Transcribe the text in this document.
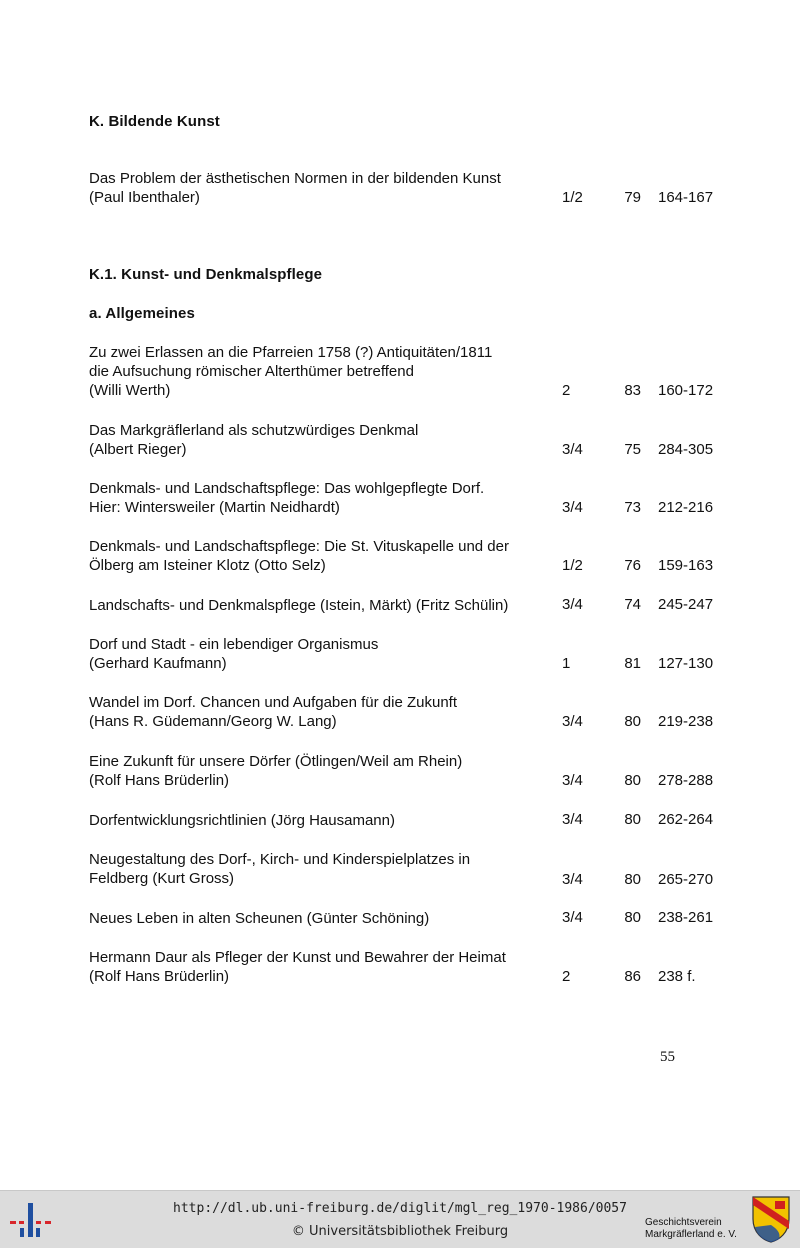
K. Bildende Kunst
Das Problem der ästhetischen Normen in der bildenden Kunst
(Paul Ibenthaler)	1/2	79 164-167
K.1. Kunst- und Denkmalspflege
a. Allgemeines
Zu zwei Erlassen an die Pfarreien 1758 (?) Antiquitäten/1811
die Aufsuchung römischer Alterthümer betreffend
(Willi Werth)	2	83 160-172
Das Markgräflerland als schutzwürdiges Denkmal
(Albert Rieger)	3/4	75 284-305
Denkmals- und Landschaftspflege: Das wohlgepflegte Dorf.
Hier: Wintersweiler (Martin Neidhardt)	3/4	73 212-216
Denkmals- und Landschaftspflege: Die St. Vituskapelle und der
Ölberg am Isteiner Klotz (Otto Selz)	1/2	76 159-163
Landschafts- und Denkmalspflege (Istein, Märkt) (Fritz Schülin)	3/4	74 245-247
Dorf und Stadt - ein lebendiger Organismus
(Gerhard Kaufmann)	1	81 127-130
Wandel im Dorf. Chancen und Aufgaben für die Zukunft
(Hans R. Güdemann/Georg W. Lang)	3/4	80 219-238
Eine Zukunft für unsere Dörfer (Ötlingen/Weil am Rhein)
(Rolf Hans Brüderlin)	3/4	80 278-288
Dorfentwicklungsrichtlinien (Jörg Hausamann)	3/4	80 262-264
Neugestaltung des Dorf-, Kirch- und Kinderspielplatzes in
Feldberg (Kurt Gross)	3/4	80 265-270
Neues Leben in alten Scheunen (Günter Schöning)	3/4	80 238-261
Hermann Daur als Pfleger der Kunst und Bewahrer der Heimat
(Rolf Hans Brüderlin)	2	86 238 f.
55
http://dl.ub.uni-freiburg.de/diglit/mgl_reg_1970-1986/0057
© Universitätsbibliothek Freiburg
Geschichtsverein
Markgräflerland e. V.
